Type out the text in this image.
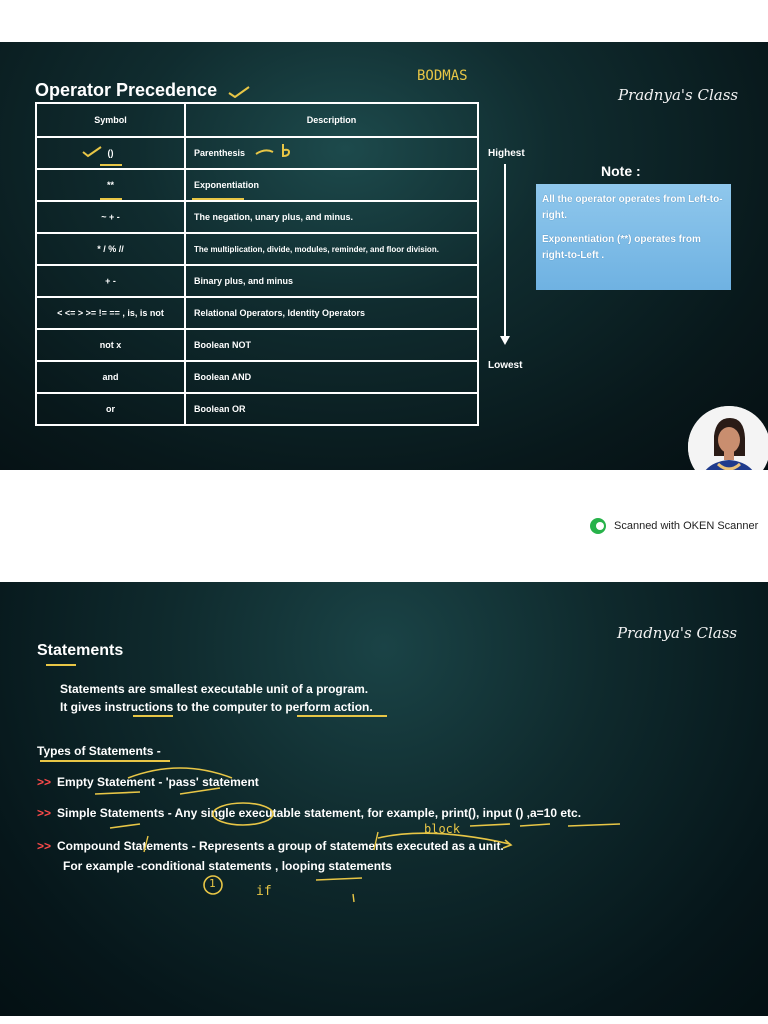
Operator Precedence
BODMAS
Pradnya's Class
Symbol	Description
()	Parenthesis
**	Exponentiation
~ + -	The negation, unary plus, and minus.
* / % //	The multiplication, divide, modules, reminder, and floor division.
+ -	Binary plus, and minus
< <= > >= != == , is, is not	Relational Operators, Identity Operators
not x	Boolean NOT
and	Boolean AND
or	Boolean OR
Highest
Lowest
Note :
All the operator operates from Left-to-right.
Exponentiation (**) operates from right-to-Left .
Scanned with OKEN Scanner
Pradnya's Class
Statements
Statements are smallest executable unit of a program.
It gives instructions to the computer to perform action.
Types of Statements -
>> Empty Statement - 'pass' statement
>> Simple Statements - Any single executable statement, for example, print(), input () ,a=10 etc.
>> Compound Statements - Represents a group of statements executed as a unit.
For example -conditional statements , looping statements
block
1
if
